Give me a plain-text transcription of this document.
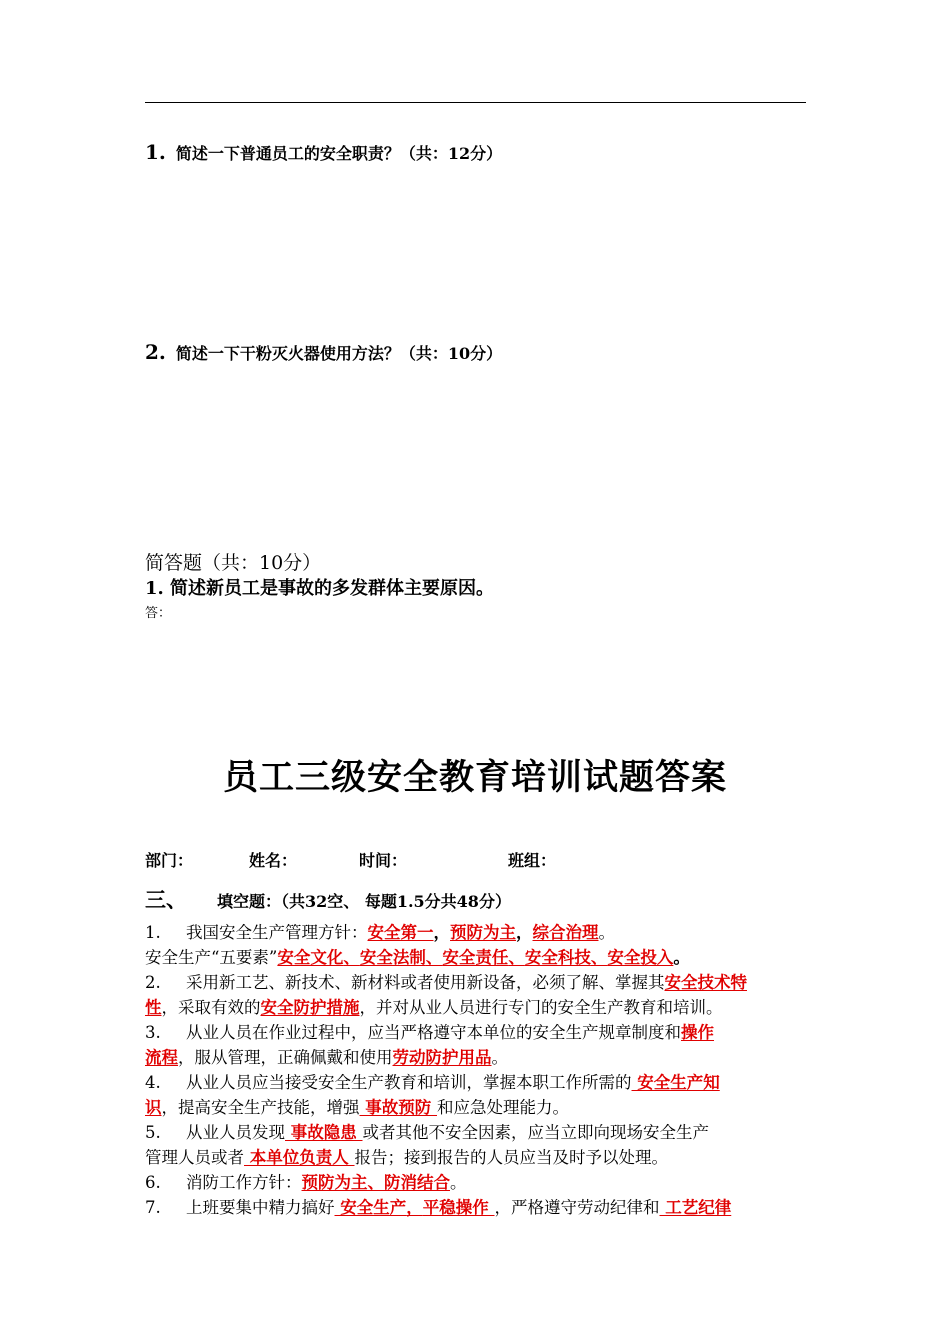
1. 简述一下普通员工的安全职责？（共：12分）
2. 简述一下干粉灭火器使用方法？（共：10分）
简答题（共：10分）
1. 简述新员工是事故的多发群体主要原因。
答：
员工三级安全教育培训试题答案
部门：	姓名：	时间：	班组：
三、 填空题：（共32空、 每题1.5分共48分）
1. 我国安全生产管理方针：安全第一，预防为主，综合治理。
安全生产“五要素”安全文化、安全法制、安全责任、安全科技、安全投入。
2. 采用新工艺、新技术、新材料或者使用新设备，必须了解、掌握其安全技术特
性，采取有效的安全防护措施，并对从业人员进行专门的安全生产教育和培训。
3. 从业人员在作业过程中，应当严格遵守本单位的安全生产规章制度和操作
流程，服从管理，正确佩戴和使用劳动防护用品。
4. 从业人员应当接受安全生产教育和培训，掌握本职工作所需的 安全生产知
识，提高安全生产技能，增强 事故预防 和应急处理能力。
5. 从业人员发现 事故隐患 或者其他不安全因素，应当立即向现场安全生产
管理人员或者 本单位负责人 报告；接到报告的人员应当及时予以处理。
6. 消防工作方针：预防为主、防消结合。
7. 上班要集中精力搞好 安全生产，平稳操作 ，严格遵守劳动纪律和 工艺纪律
